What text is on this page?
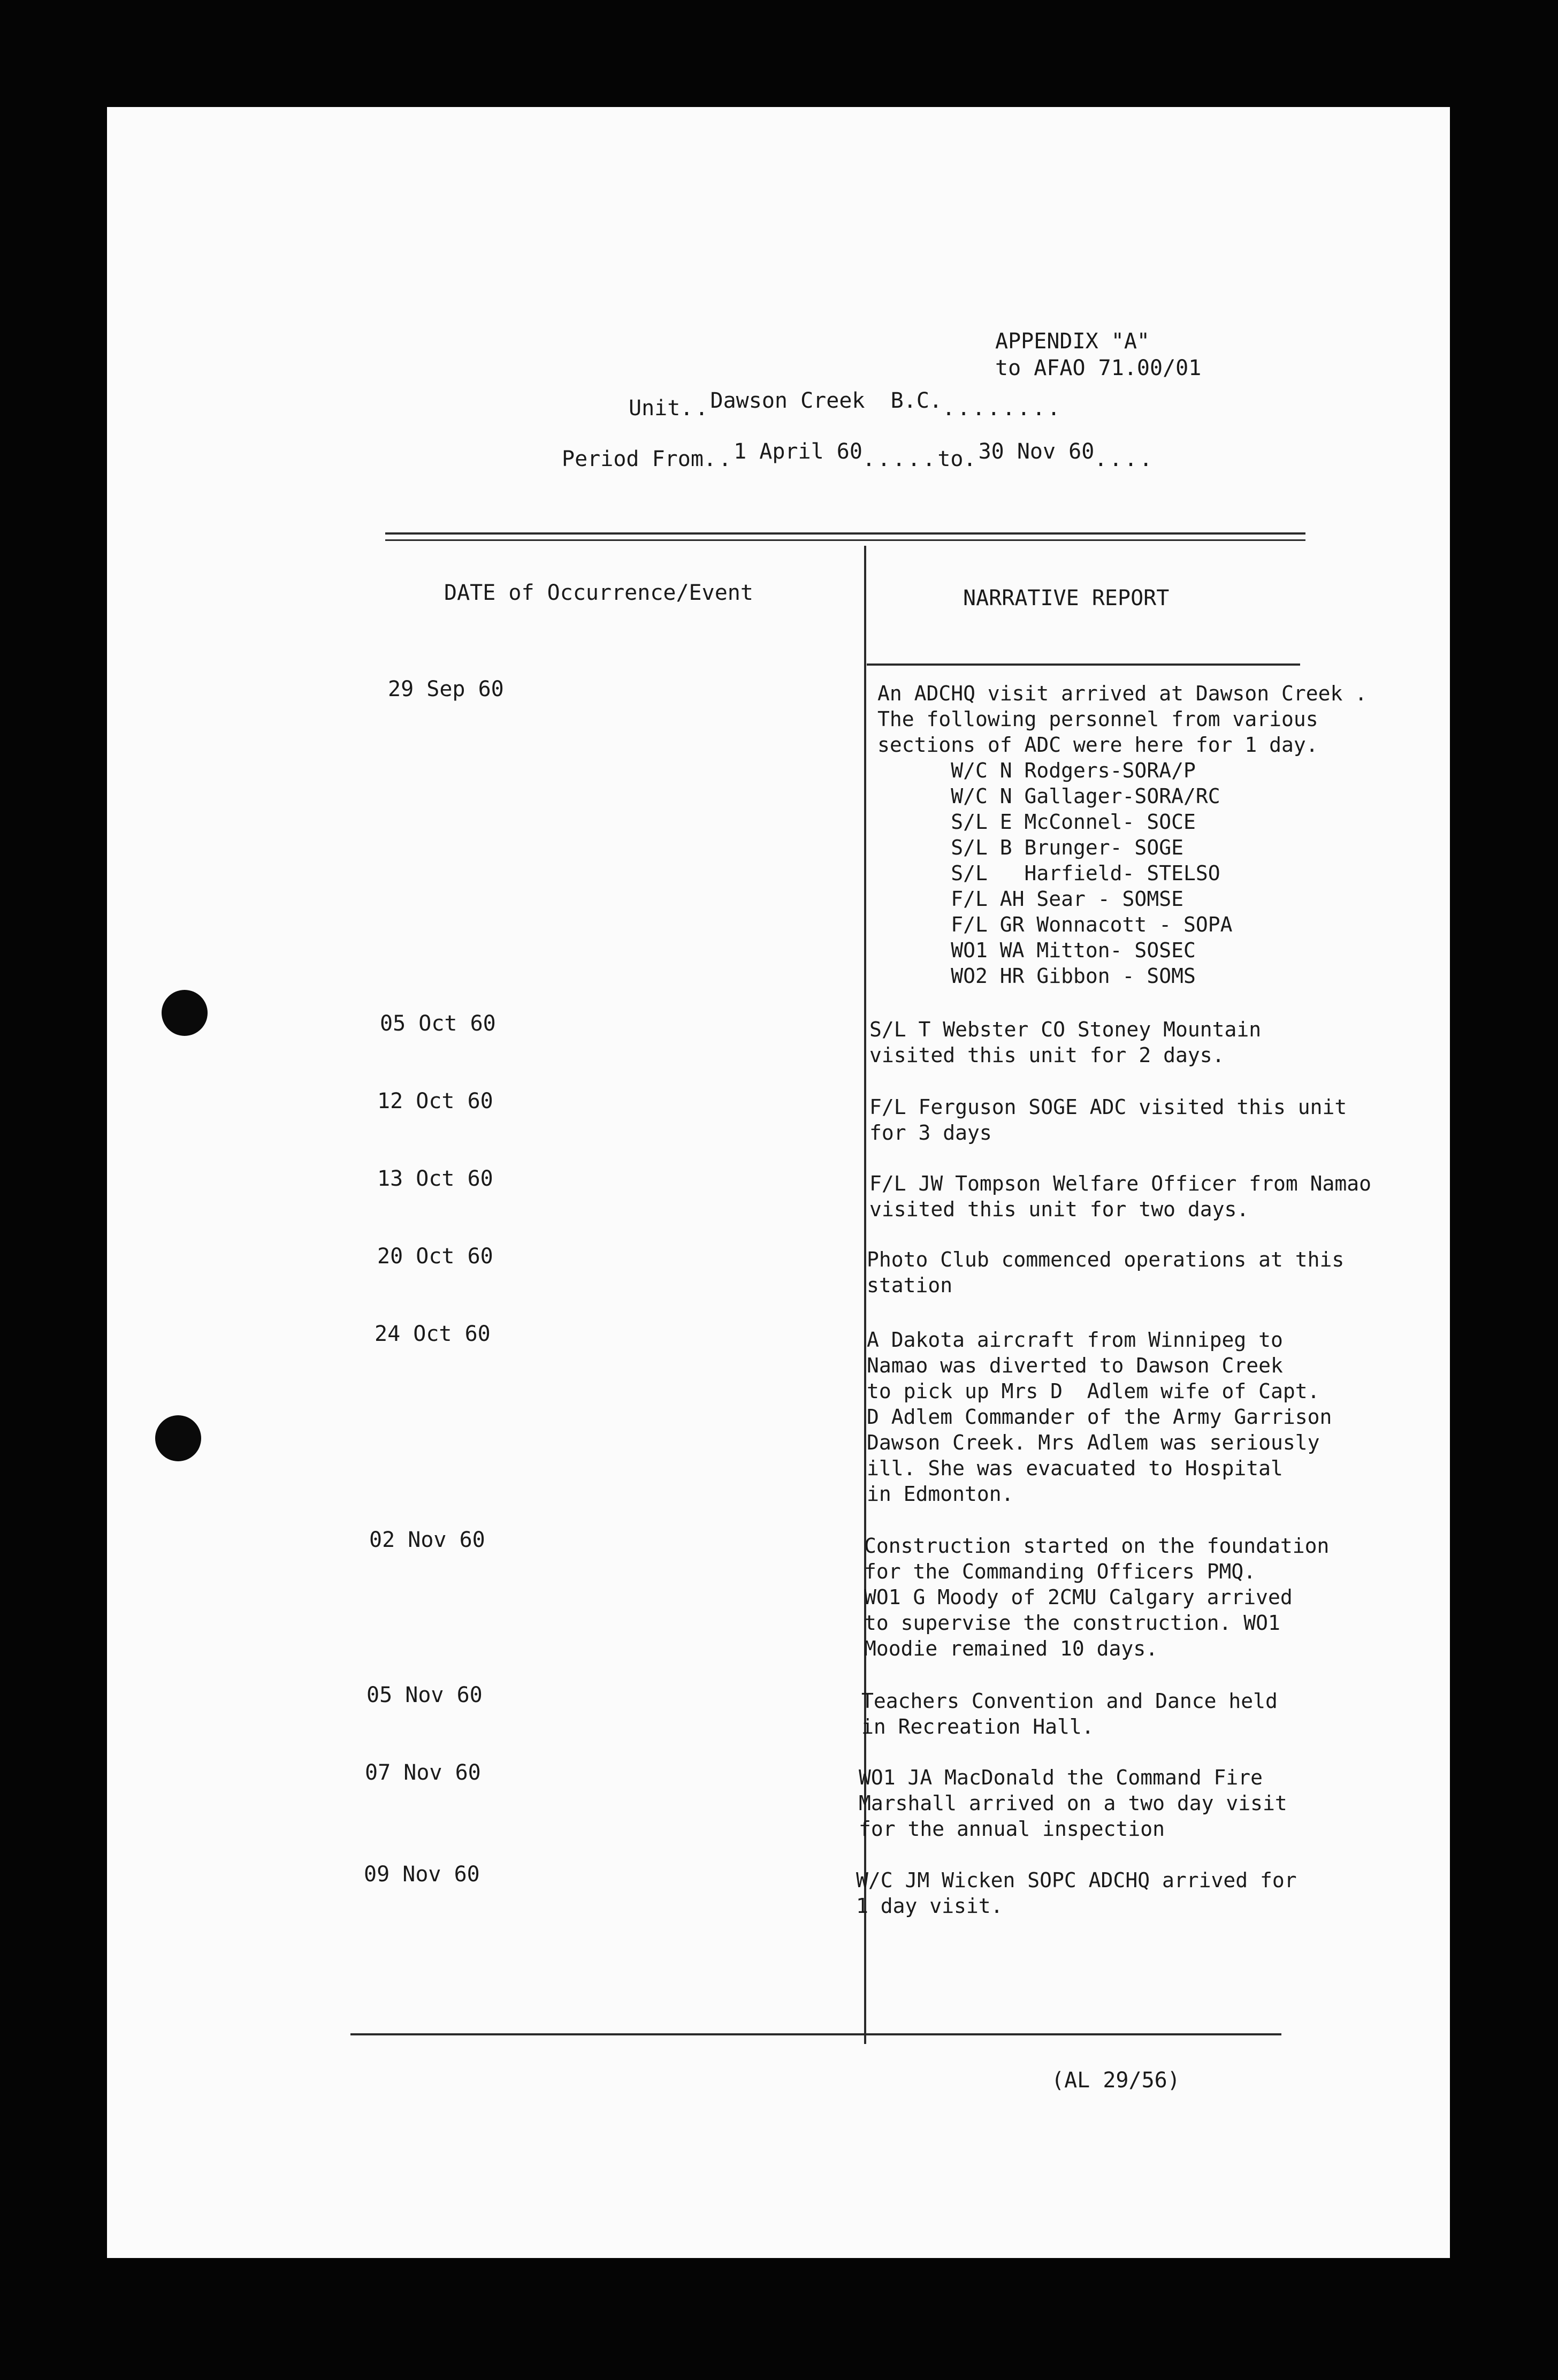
APPENDIX "A"
to AFAO 71.00/01
Unit..Dawson Creek  B.C.........
Period From..1 April 60.....to.30 Nov 60....
DATE of Occurrence/Event	NARRATIVE REPORT
29 Sep 60	An ADCHQ visit arrived at Dawson Creek .
The following personnel from various
sections of ADC were here for 1 day.
W/C N Rodgers-SORA/P
W/C N Gallager-SORA/RC
S/L E McConnel- SOCE
S/L B Brunger- SOGE
S/L   Harfield- STELSO
F/L AH Sear - SOMSE
F/L GR Wonnacott - SOPA
WO1 WA Mitton- SOSEC
WO2 HR Gibbon - SOMS
05 Oct 60	S/L T Webster CO Stoney Mountain
visited this unit for 2 days.
12 Oct 60	F/L Ferguson SOGE ADC visited this unit
for 3 days
13 Oct 60	F/L JW Tompson Welfare Officer from Namao
visited this unit for two days.
20 Oct 60	Photo Club commenced operations at this
station
24 Oct 60	A Dakota aircraft from Winnipeg to
Namao was diverted to Dawson Creek
to pick up Mrs D  Adlem wife of Capt.
D Adlem Commander of the Army Garrison
Dawson Creek. Mrs Adlem was seriously
ill. She was evacuated to Hospital
in Edmonton.
02 Nov 60	Construction started on the foundation
for the Commanding Officers PMQ.
WO1 G Moody of 2CMU Calgary arrived
to supervise the construction. WO1
Moodie remained 10 days.
05 Nov 60	Teachers Convention and Dance held
in Recreation Hall.
07 Nov 60	WO1 JA MacDonald the Command Fire
Marshall arrived on a two day visit
for the annual inspection
09 Nov 60	W/C JM Wicken SOPC ADCHQ arrived for
1 day visit.
(AL 29/56)
